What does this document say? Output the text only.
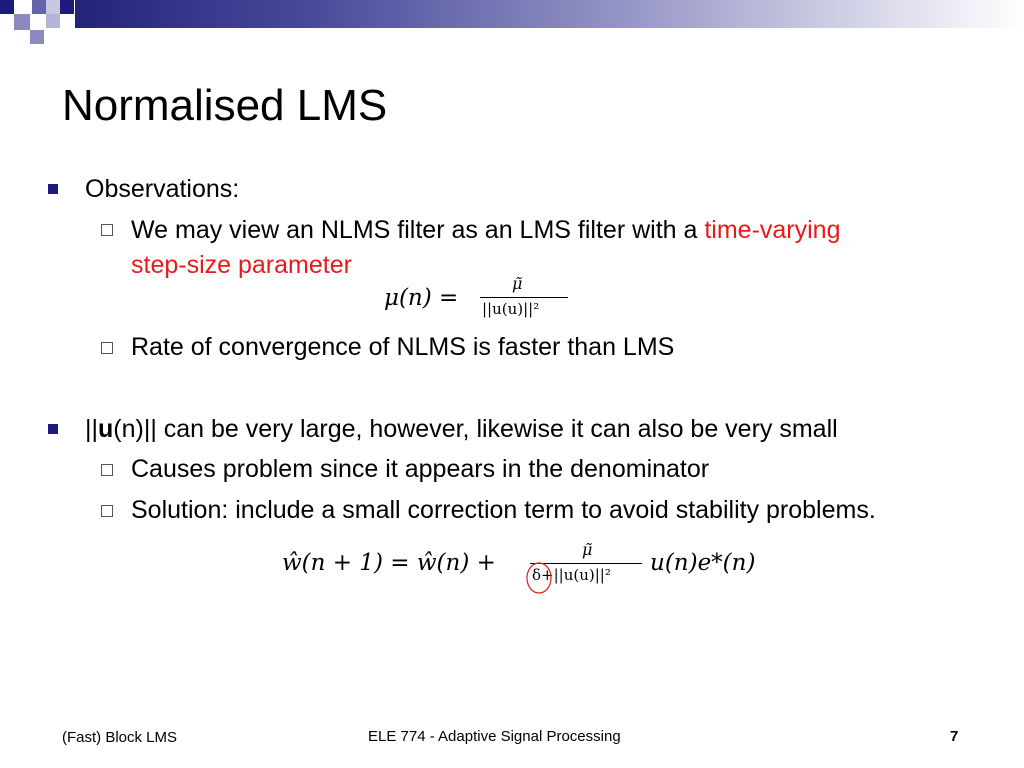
Normalised LMS
Observations:
We may view an NLMS filter as an LMS filter with a time-varying
step-size parameter
μ(n) =
μ̃
||u(u)||²
Rate of convergence of NLMS is faster than LMS
||u(n)|| can be very large, however, likewise it can also be very small
Causes problem since it appears in the denominator
Solution: include a small correction term to avoid stability problems.
ŵ(n + 1) = ŵ(n) +
μ̃
δ+||u(u)||² u(n)e*(n)
(Fast) Block LMS	ELE 774 - Adaptive Signal Processing	7
